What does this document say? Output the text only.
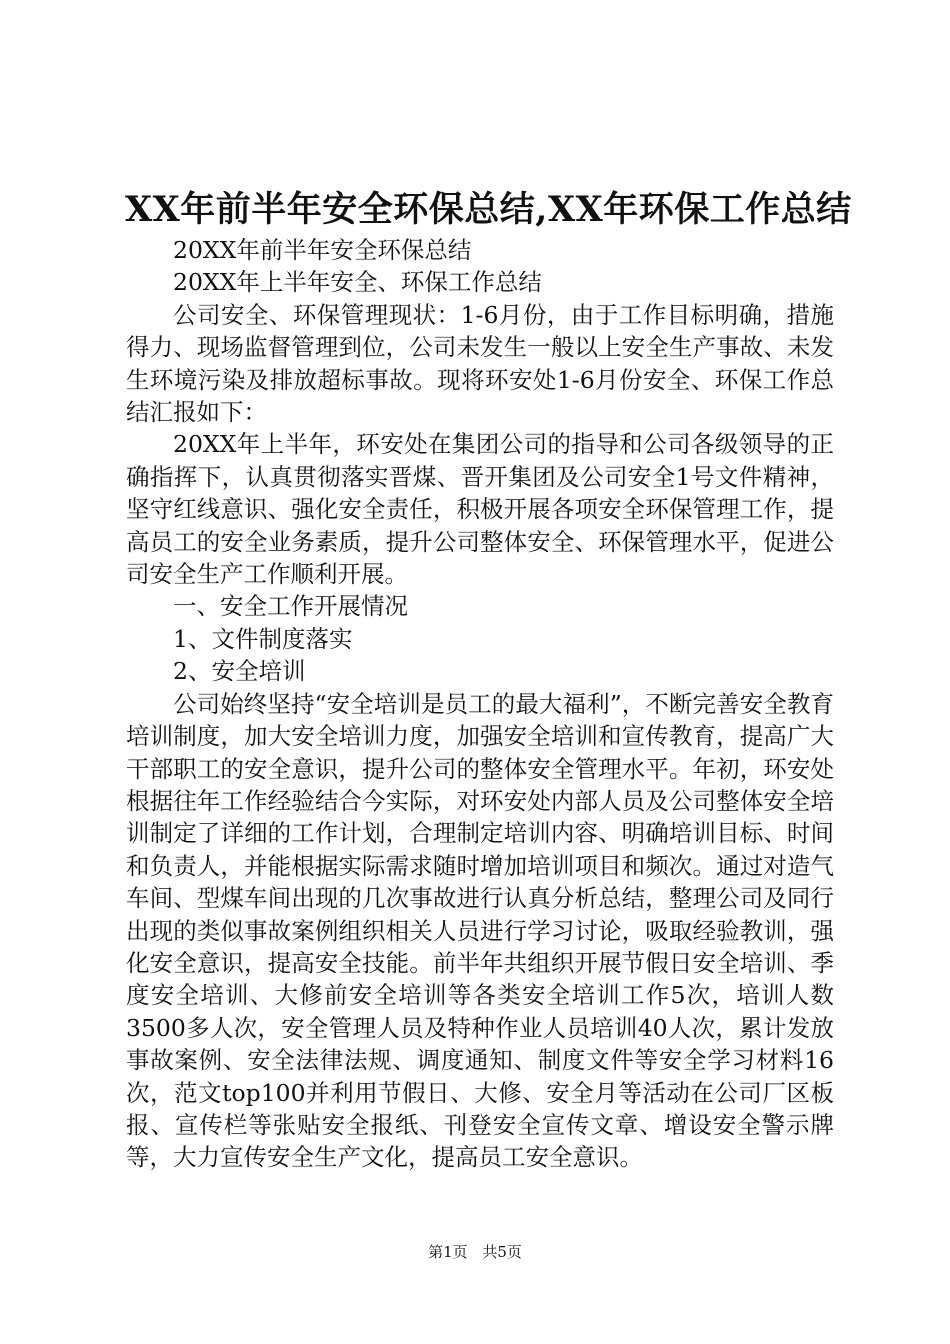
XX年前半年安全环保总结,XX年环保工作总结

20XX年前半年安全环保总结

20XX年上半年安全、环保工作总结

公司安全、环保管理现状：1-6月份，由于工作目标明确，措施得力、现场监督管理到位，公司未发生一般以上安全生产事故、未发生环境污染及排放超标事故。现将环安处1-6月份安全、环保工作总结汇报如下：

20XX年上半年，环安处在集团公司的指导和公司各级领导的正确指挥下，认真贯彻落实晋煤、晋开集团及公司安全1号文件精神，坚守红线意识、强化安全责任，积极开展各项安全环保管理工作，提高员工的安全业务素质，提升公司整体安全、环保管理水平，促进公司安全生产工作顺利开展。

一、安全工作开展情况

1、文件制度落实

2、安全培训

公司始终坚持“安全培训是员工的最大福利”，不断完善安全教育培训制度，加大安全培训力度，加强安全培训和宣传教育，提高广大干部职工的安全意识，提升公司的整体安全管理水平。年初，环安处根据往年工作经验结合今实际，对环安处内部人员及公司整体安全培训制定了详细的工作计划，合理制定培训内容、明确培训目标、时间和负责人，并能根据实际需求随时增加培训项目和频次。通过对造气车间、型煤车间出现的几次事故进行认真分析总结，整理公司及同行出现的类似事故案例组织相关人员进行学习讨论，吸取经验教训，强化安全意识，提高安全技能。前半年共组织开展节假日安全培训、季度安全培训、大修前安全培训等各类安全培训工作5次，培训人数3500多人次，安全管理人员及特种作业人员培训40人次，累计发放事故案例、安全法律法规、调度通知、制度文件等安全学习材料16次，范文top100并利用节假日、大修、安全月等活动在公司厂区板报、宣传栏等张贴安全报纸、刊登安全宣传文章、增设安全警示牌等，大力宣传安全生产文化，提高员工安全意识。

第1页 共5页
